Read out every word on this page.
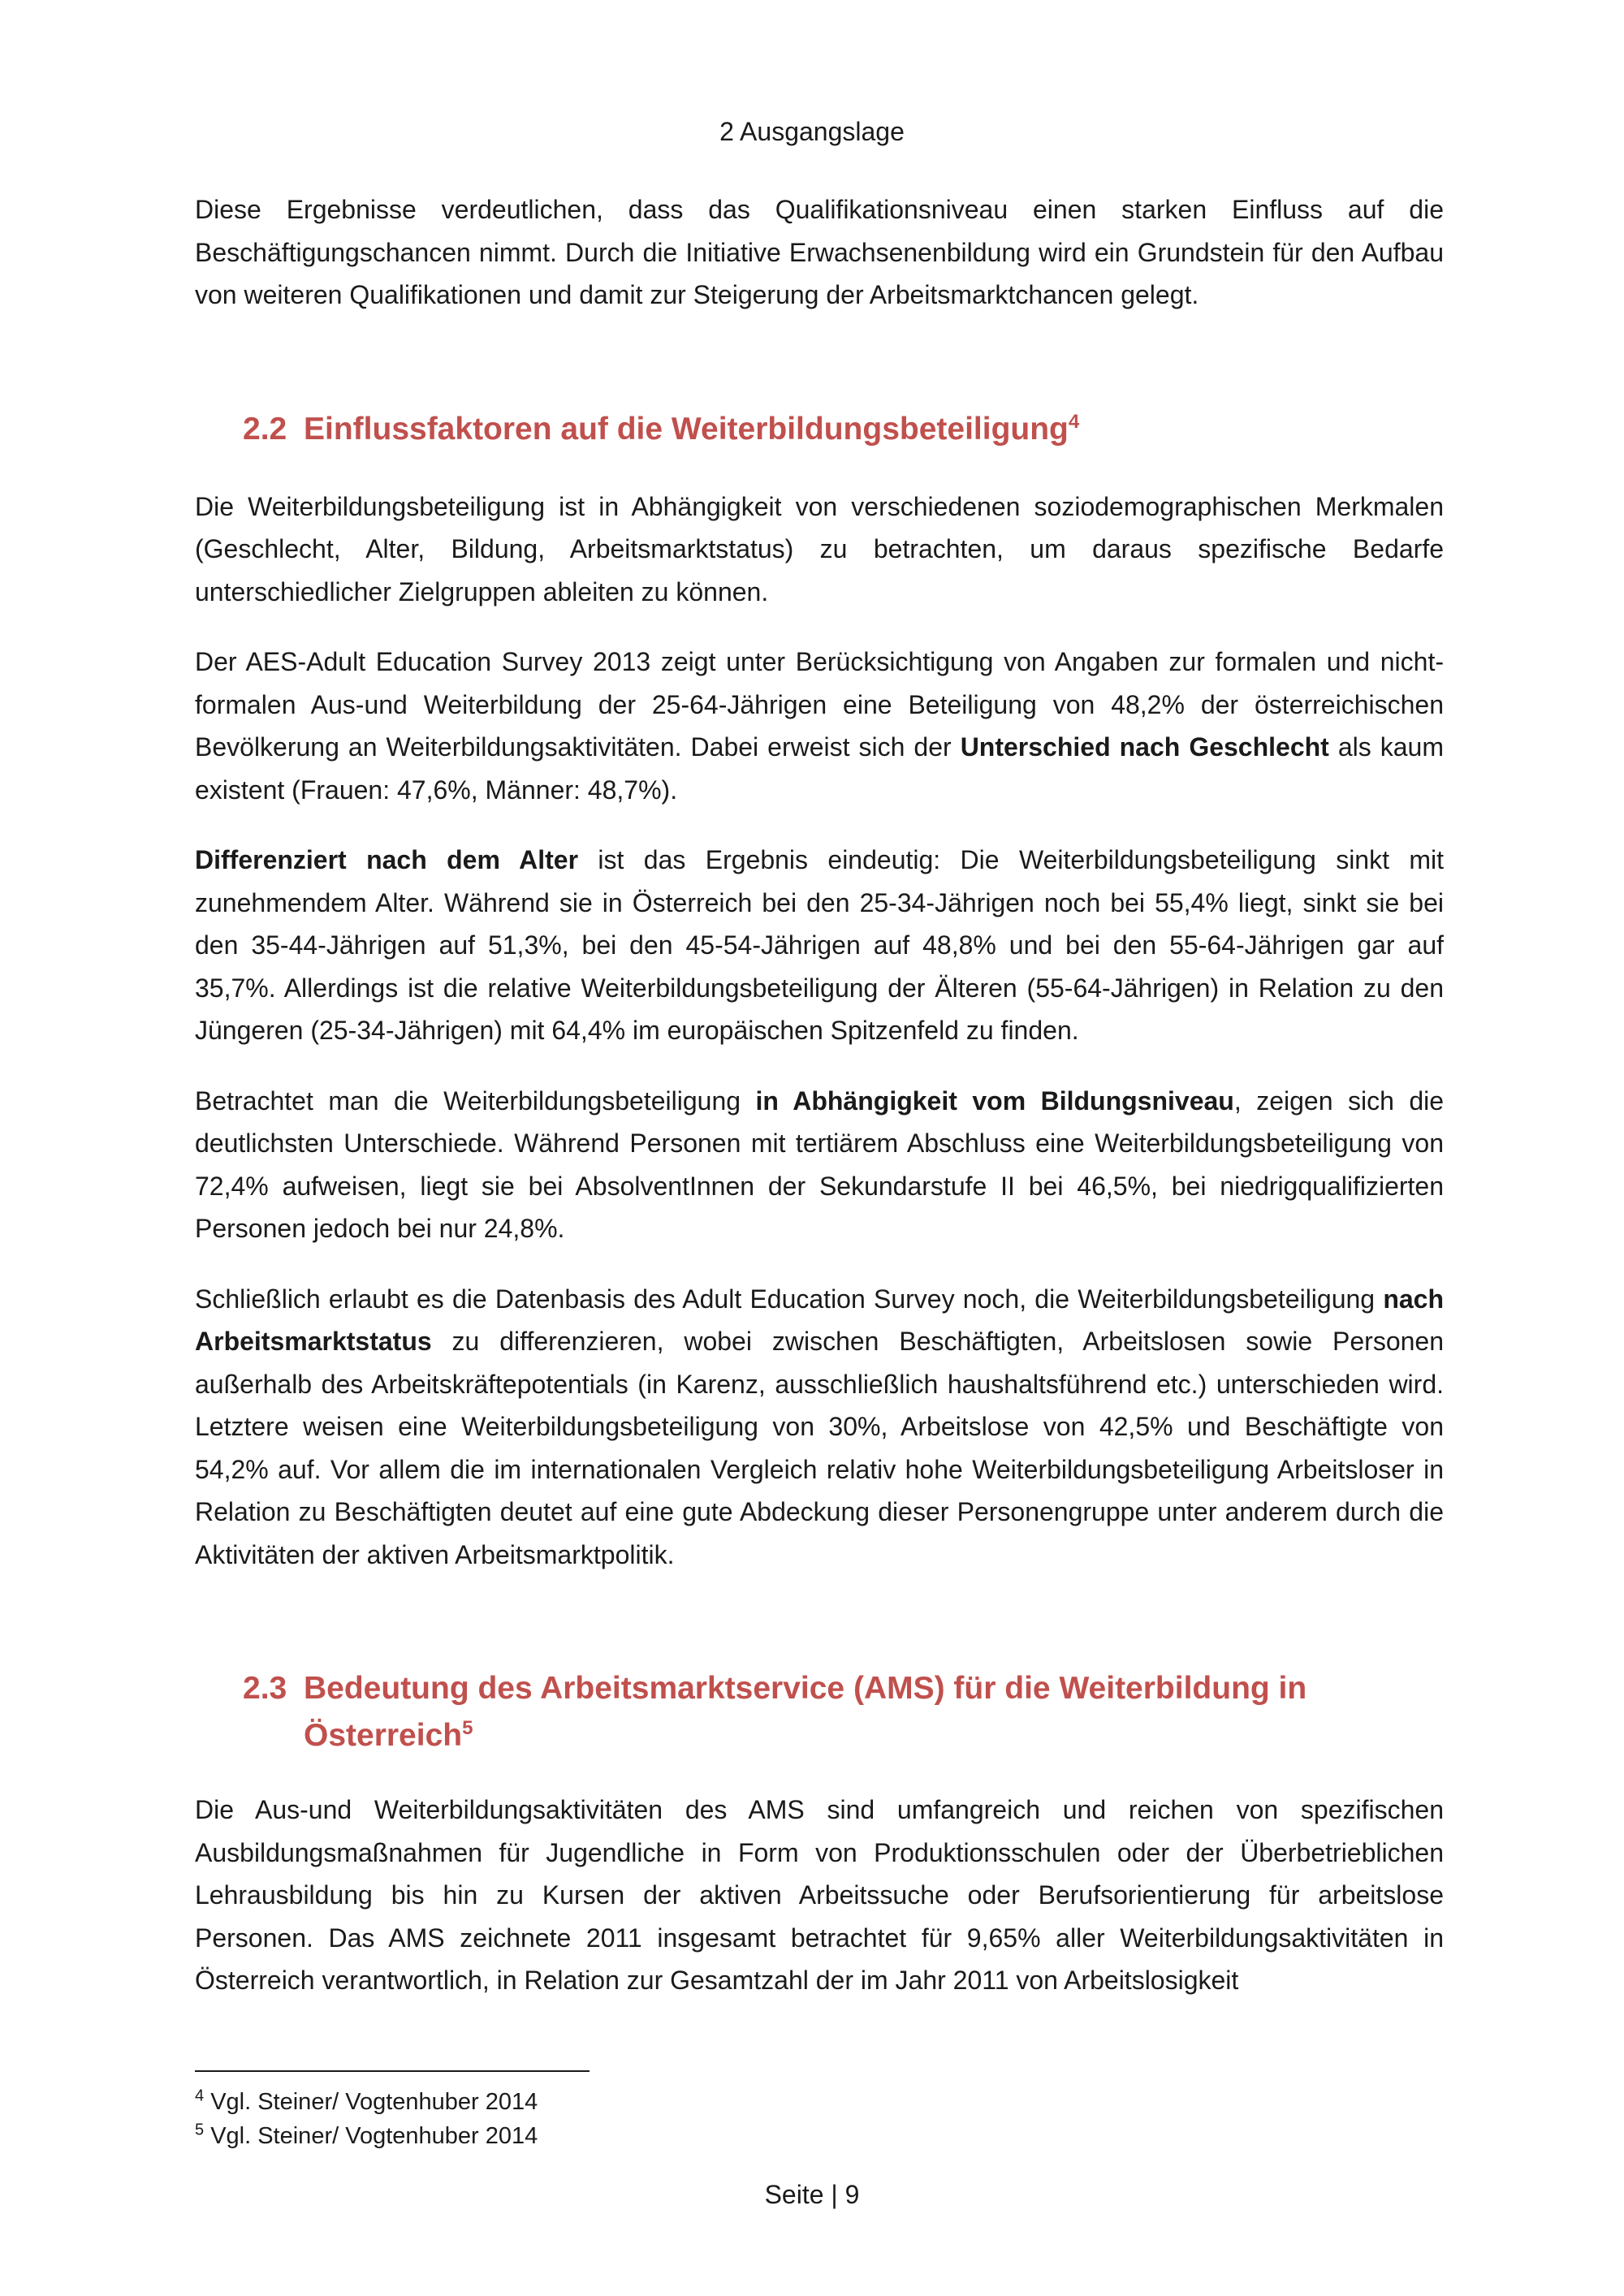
2 Ausgangslage

Diese Ergebnisse verdeutlichen, dass das Qualifikationsniveau einen starken Einfluss auf die Beschäftigungschancen nimmt. Durch die Initiative Erwachsenenbildung wird ein Grundstein für den Aufbau von weiteren Qualifikationen und damit zur Steigerung der Arbeitsmarktchancen gelegt.

2.2 Einflussfaktoren auf die Weiterbildungsbeteiligung$^4$

Die Weiterbildungsbeteiligung ist in Abhängigkeit von verschiedenen soziodemographischen Merkmalen (Geschlecht, Alter, Bildung, Arbeitsmarktstatus) zu betrachten, um daraus spezifische Bedarfe unterschiedlicher Zielgruppen ableiten zu können.

Der AES-Adult Education Survey 2013 zeigt unter Berücksichtigung von Angaben zur formalen und nicht-formalen Aus-und Weiterbildung der 25-64-Jährigen eine Beteiligung von 48,2% der österreichischen Bevölkerung an Weiterbildungsaktivitäten. Dabei erweist sich der Unterschied nach Geschlecht als kaum existent (Frauen: 47,6%, Männer: 48,7%).

Differenziert nach dem Alter ist das Ergebnis eindeutig: Die Weiterbildungsbeteiligung sinkt mit zunehmendem Alter. Während sie in Österreich bei den 25-34-Jährigen noch bei 55,4% liegt, sinkt sie bei den 35-44-Jährigen auf 51,3%, bei den 45-54-Jährigen auf 48,8% und bei den 55-64-Jährigen gar auf 35,7%. Allerdings ist die relative Weiterbildungsbeteiligung der Älteren (55-64-Jährigen) in Relation zu den Jüngeren (25-34-Jährigen) mit 64,4% im europäischen Spitzenfeld zu finden.

Betrachtet man die Weiterbildungsbeteiligung in Abhängigkeit vom Bildungsniveau, zeigen sich die deutlichsten Unterschiede. Während Personen mit tertiärem Abschluss eine Weiterbildungsbeteiligung von 72,4% aufweisen, liegt sie bei AbsolventInnen der Sekundarstufe II bei 46,5%, bei niedrigqualifizierten Personen jedoch bei nur 24,8%.

Schließlich erlaubt es die Datenbasis des Adult Education Survey noch, die Weiterbildungsbeteiligung nach Arbeitsmarktstatus zu differenzieren, wobei zwischen Beschäftigten, Arbeitslosen sowie Personen außerhalb des Arbeitskräftepotentials (in Karenz, ausschließlich haushaltsführend etc.) unterschieden wird. Letztere weisen eine Weiterbildungsbeteiligung von 30%, Arbeitslose von 42,5% und Beschäftigte von 54,2% auf. Vor allem die im internationalen Vergleich relativ hohe Weiterbildungsbeteiligung Arbeitsloser in Relation zu Beschäftigten deutet auf eine gute Abdeckung dieser Personengruppe unter anderem durch die Aktivitäten der aktiven Arbeitsmarktpolitik.

2.3 Bedeutung des Arbeitsmarktservice (AMS) für die Weiterbildung in Österreich$^5$

Die Aus-und Weiterbildungsaktivitäten des AMS sind umfangreich und reichen von spezifischen Ausbildungsmaßnahmen für Jugendliche in Form von Produktionsschulen oder der Überbetrieblichen Lehrausbildung bis hin zu Kursen der aktiven Arbeitssuche oder Berufsorientierung für arbeitslose Personen. Das AMS zeichnete 2011 insgesamt betrachtet für 9,65% aller Weiterbildungsaktivitäten in Österreich verantwortlich, in Relation zur Gesamtzahl der im Jahr 2011 von Arbeitslosigkeit

$^4$ Vgl. Steiner/ Vogtenhuber 2014
$^5$ Vgl. Steiner/ Vogtenhuber 2014
Seite | 9
